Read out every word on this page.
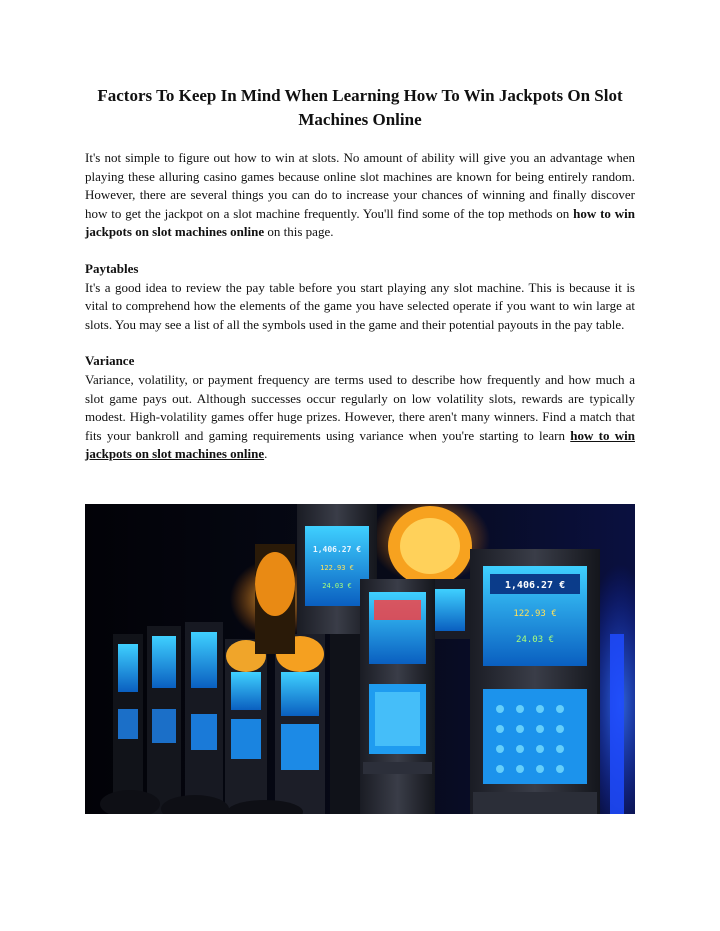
Factors To Keep In Mind When Learning How To Win Jackpots On Slot Machines Online

It's not simple to figure out how to win at slots. No amount of ability will give you an advantage when playing these alluring casino games because online slot machines are known for being entirely random. However, there are several things you can do to increase your chances of winning and finally discover how to get the jackpot on a slot machine frequently. You'll find some of the top methods on how to win jackpots on slot machines online on this page.

Paytables

It's a good idea to review the pay table before you start playing any slot machine. This is because it is vital to comprehend how the elements of the game you have selected operate if you want to win large at slots. You may see a list of all the symbols used in the game and their potential payouts in the pay table.

Variance

Variance, volatility, or payment frequency are terms used to describe how frequently and how much a slot game pays out. Although successes occur regularly on low volatility slots, rewards are typically modest. High-volatility games offer huge prizes. However, there aren't many winners. Find a match that fits your bankroll and gaming requirements using variance when you're starting to learn how to win jackpots on slot machines online.

1,406.27 €
122.93 €
24.03 €	1,406.27 €
122.93 €
24.03 €
